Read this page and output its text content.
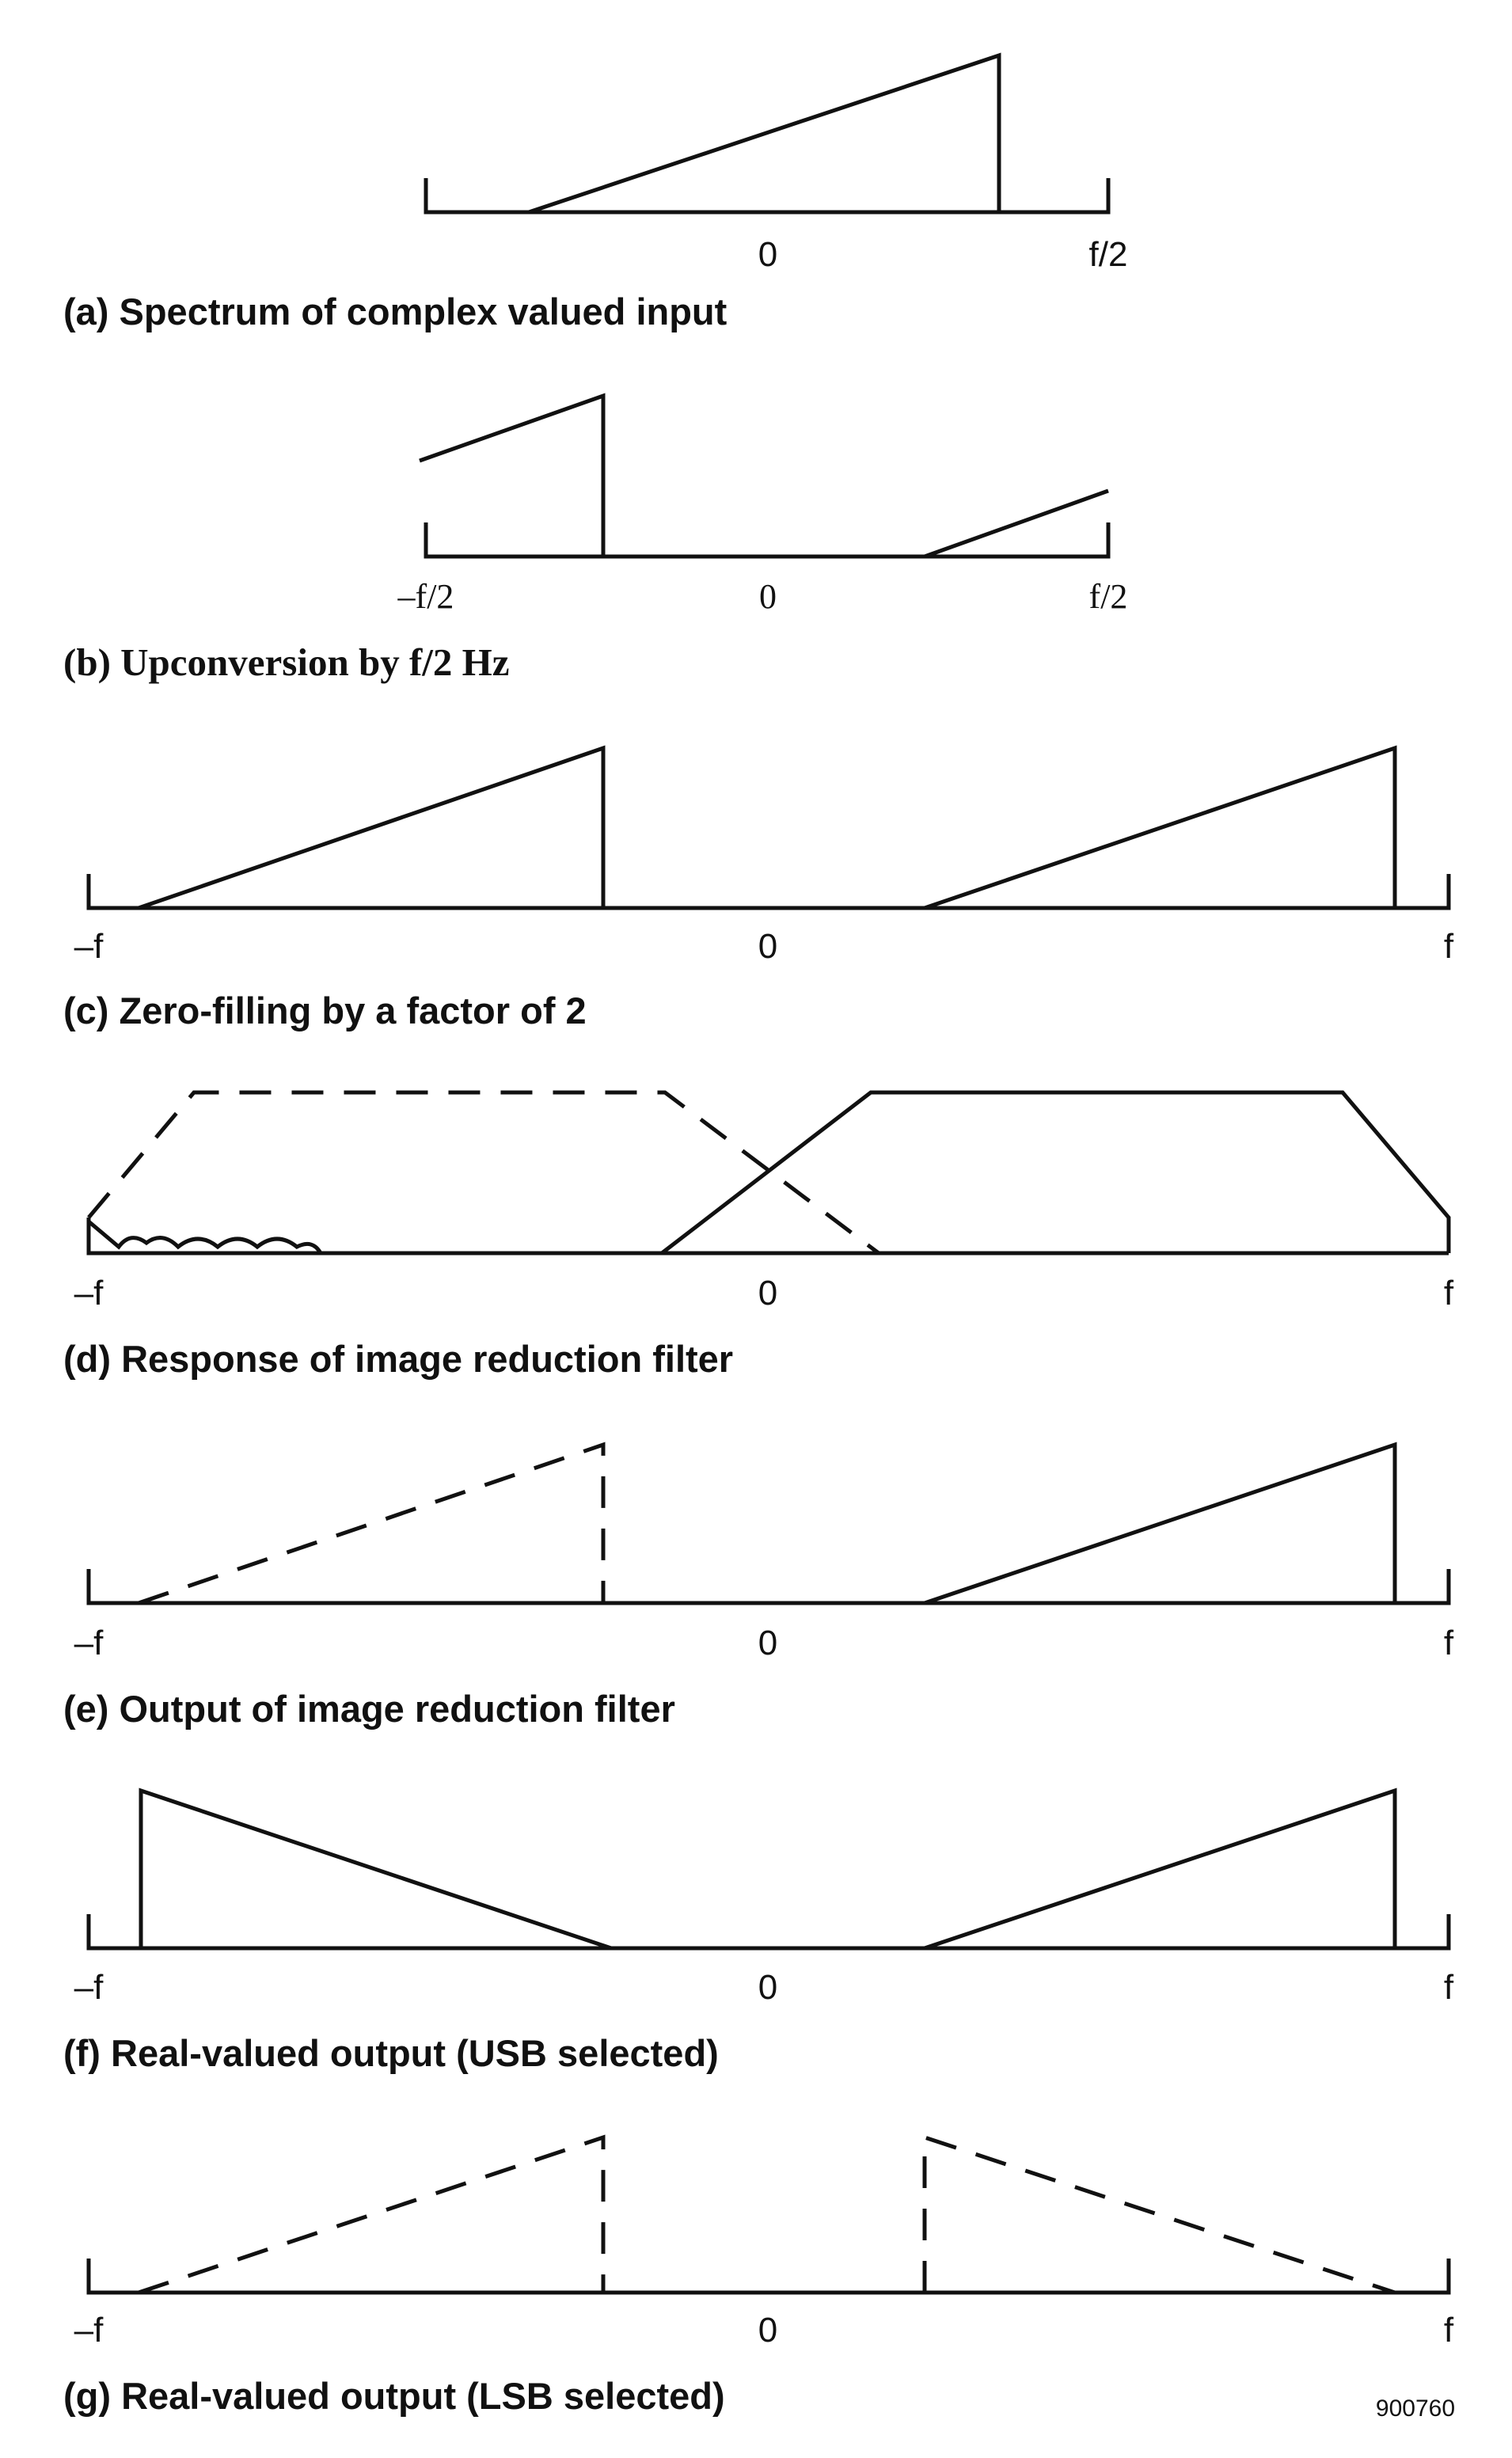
0	f/2
(a) Spectrum of complex valued input
–f/2	0	f/2
(b) Upconversion by f/2 Hz
–f	0	f
(c) Zero-filling by a factor of 2
–f	0	f
(d) Response of image reduction filter
–f	0	f
(e) Output of image reduction filter
–f	0	f
(f) Real-valued output (USB selected)
–f	0	f
(g) Real-valued output (LSB selected)	900760
